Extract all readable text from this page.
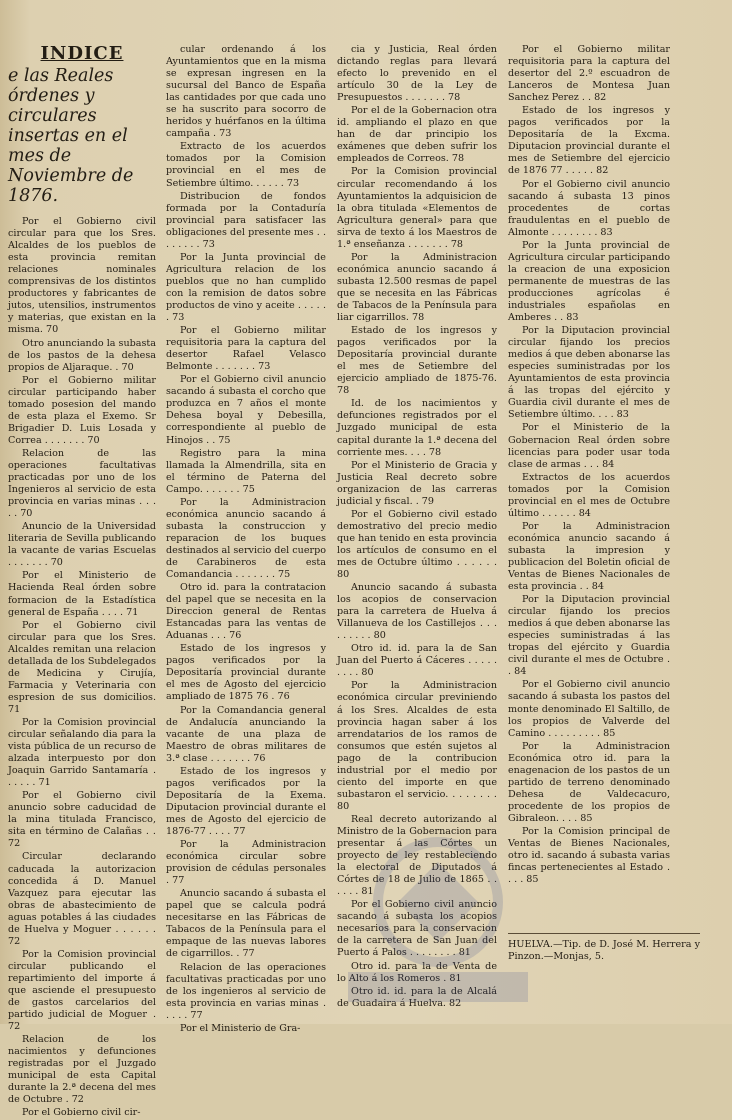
INDICE
e las Reales órdenes y circulares insertas en el mes de Noviembre de 1876.

Por el Gobierno civil circular para que los Sres. Alcaldes de los pueblos de esta provincia remitan relaciones nominales comprensivas de los distintos productores y fabricantes de jutos, utensilios, instrumentos y materias, que existan en la misma. 70

Otro anunciando la subasta de los pastos de la dehesa propios de Aljaraque. . 70

Por el Gobierno militar circular participando haber tomado posesion del mando de esta plaza el Exemo. Sr Brigadier D. Luis Losada y Correa . . . . . . . 70

Relacion de las operaciones facultativas practicadas por uno de los Ingenieros al servicio de esta provincia en varias minas . . . . . 70

Anuncio de la Universidad literaria de Sevilla publicando la vacante de varias Escuelas . . . . . . . 70

Por el Ministerio de Hacienda Real órden sobre formacion de la Estadística general de España . . . . 71

Por el Gobierno civil circular para que los Sres. Alcaldes remitan una relacion detallada de los Subdelegados de Medicina y Cirujía, Farmacia y Veterinaria con espresion de sus domicilios. 71

Por la Comision provincial circular señalando dia para la vista pública de un recurso de alzada interpuesto por don Joaquin Garrido Santamaría . . . . . . 71

Por el Gobierno civil anuncio sobre caducidad de la mina titulada Francisco, sita en término de Calañas . . 72

Circular declarando caducada la autorizacion concedida á D. Manuel Vazquez para ejecutar las obras de abastecimiento de aguas potables á las ciudades de Huelva y Moguer . . . . . . 72

Por la Comision provincial circular publicando el repartimiento del importe á que asciende el presupuesto de gastos carcelarios del partido judicial de Moguer . 72

Relacion de los nacimientos y defunciones registradas por el Juzgado municipal de esta Capital durante la 2.ª decena del mes de Octubre . 72

Por el Gobierno civil cir-

cular ordenando á los Ayuntamientos que en la misma se expresan ingresen en la sucursal del Banco de España las cantidades por que cada uno se ha suscrito para socorro de heridos y huérfanos en la última campaña . 73

Extracto de los acuerdos tomados por la Comision provincial en el mes de Setiembre último. . . . . . 73

Distribucion de fondos formada por la Contaduría provincial para satisfacer las obligaciones del presente mes . . . . . . . . 73

Por la Junta provincial de Agricultura relacion de los pueblos que no han cumplido con la remision de datos sobre productos de vino y aceite . . . . . . 73

Por el Gobierno militar requisitoria para la captura del desertor Rafael Velasco Belmonte . . . . . . . 73

Por el Gobierno civil anuncio sacando á subasta el corcho que produzca en 7 años el monte Dehesa boyal y Debesilla, correspondiente al pueblo de Hinojos . . 75

Registro para la mina llamada la Almendrilla, sita en el término de Paterna del Campo. . . . . . . 75

Por la Administracion económica anuncio sacando á subasta la construccion y reparacion de los buques destinados al servicio del cuerpo de Carabineros de esta Comandancia . . . . . . . 75

Otro id. para la contratacion del papel que se necesita en la Direccion general de Rentas Estancadas para las ventas de Aduanas . . . 76

Estado de los ingresos y pagos verificados por la Depositaría provincial durante el mes de Agosto del ejercicio ampliado de 1875 76 . 76

Por la Comandancia general de Andalucía anunciando la vacante de una plaza de Maestro de obras militares de 3.ª clase . . . . . . . 76

Estado de los ingresos y pagos verificados por la Depositaría de la Exema. Diputacion provincial durante el mes de Agosto del ejercicio de 1876-77 . . . . 77

Por la Administracion económica circular sobre provision de cédulas personales . 77

Anuncio sacando á subasta el papel que se calcula podrá necesitarse en las Fábricas de Tabacos de la Península para el empaque de las nuevas labores de cigarrillos. . 77

Relacion de las operaciones facultativas practicadas por uno de los ingenieros al servicio de esta provincia en varias minas . . . . . 77

Por el Ministerio de Gra-

cia y Justicia, Real órden dictando reglas para llevará efecto lo prevenido en el artículo 30 de la Ley de Presupuestos . . . . . . . 78

Por el de la Gobernacion otra id. ampliando el plazo en que han de dar principio los exámenes que deben sufrir los empleados de Correos. 78

Por la Comision provincial circular recomendando á los Ayuntamientos la adquisicion de la obra titulada «Elementos de Agricultura general» para que sirva de texto á los Maestros de 1.ª enseñanza . . . . . . . 78

Por la Administracion económica anuncio sacando á subasta 12.500 resmas de papel que se necesita en las Fábricas de Tabacos de la Península para liar cigarrillos. 78

Estado de los ingresos y pagos verificados por la Depositaría provincial durante el mes de Setiembre del ejercicio ampliado de 1875-76. 78

Id. de los nacimientos y defunciones registrados por el Juzgado municipal de esta capital durante la 1.ª decena del corriente mes. . . . 78

Por el Ministerio de Gracia y Justicia Real decreto sobre organizacion de las carreras judicial y fiscal. . 79

Por el Gobierno civil estado demostrativo del precio medio que han tenido en esta provincia los artículos de consumo en el mes de Octubre último . . . . . . 80

Anuncio sacando á subasta los acopios de conservacion para la carretera de Huelva á Villanueva de los Castillejos . . . . . . . . . 80

Otro id. id. para la de San Juan del Puerto á Cáceres . . . . . . . . . 80

Por la Administracion económica circular previniendo á los Sres. Alcaldes de esta provincia hagan saber á los arrendatarios de los ramos de consumos que estén sujetos al pago de la contribucion industrial por el medio por ciento del importe en que subastaron el servicio. . . . . . . . 80

Real decreto autorizando al Ministro de la Gobernacion para presentar á las Córtes un proyecto de ley restableciendo la electoral de Diputados á Córtes de 18 de Julio de 1865 . . . . . . 81

Por el Gobierno civil anuncio sacando á subasta los acopios necesarios para la conservacion de la carretera de San Juan del Puerto á Palos . . . . . . . . 81

Otro id. para la de Venta de lo Alto á los Romeros . 81

Otro id. id. para la de Alcalá de Guadaira á Huelva. 82

Por el Gobierno militar requisitoria para la captura del desertor del 2.º escuadron de Lanceros de Montesa Juan Sanchez Perez . . 82

Estado de los ingresos y pagos verificados por la Depositaría de la Excma. Diputacion provincial durante el mes de Setiembre del ejercicio de 1876 77 . . . . . 82

Por el Gobierno civil anuncio sacando á subasta 13 pinos procedentes de cortas fraudulentas en el pueblo de Almonte . . . . . . . . 83

Por la Junta provincial de Agricultura circular participando la creacion de una exposicion permanente de muestras de las producciones agrícolas é industriales españolas en Amberes . . 83

Por la Diputacion provincial circular fijando los precios medios á que deben abonarse las especies suministradas por los Ayuntamientos de esta provincia á las tropas del ejército y Guardia civil durante el mes de Setiembre último. . . . 83

Por el Ministerio de la Gobernacion Real órden sobre licencias para poder usar toda clase de armas . . . 84

Extractos de los acuerdos tomados por la Comision provincial en el mes de Octubre último . . . . . . 84

Por la Administracion económica anuncio sacando á subasta la impresion y publicacion del Boletin oficial de Ventas de Bienes Nacionales de esta provincia . . 84

Por la Diputacion provincial circular fijando los precios medios á que deben abonarse las especies suministradas á las tropas del ejército y Guardia civil durante el mes de Octubre . . 84

Por el Gobierno civil anuncio sacando á subasta los pastos del monte denominado El Saltillo, de los propios de Valverde del Camino . . . . . . . . . 85

Por la Administracion Económica otro id. para la enagenacion de los pastos de un partido de terreno denominado Dehesa de Valdecacuro, procedente de los propios de Gibraleon. . . . 85

Por la Comision principal de Ventas de Bienes Nacionales, otro id. sacando á subasta varias fincas pertenecientes al Estado . . . . 85

HUELVA.—Tip. de D. José M. Herrera y Pinzon.—Monjas, 5.
